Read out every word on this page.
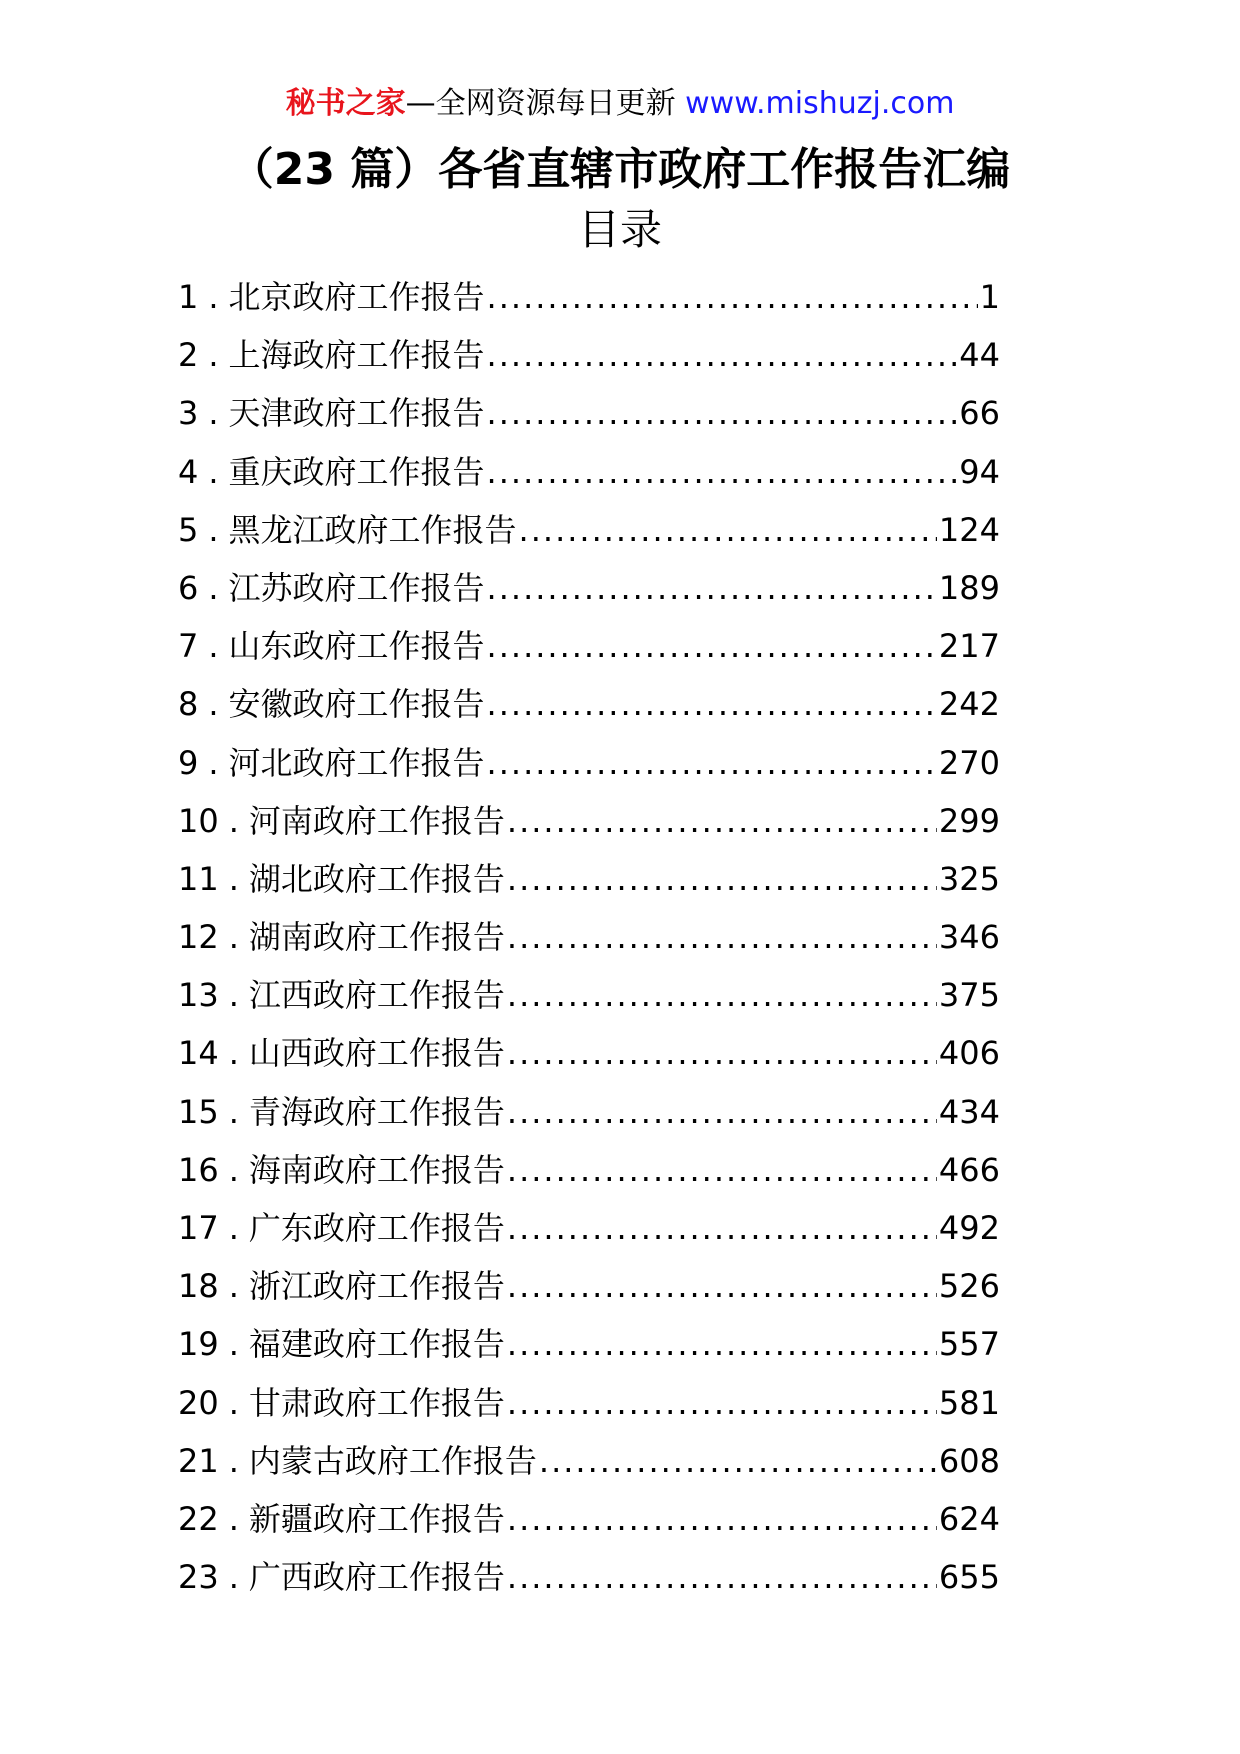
秘书之家—全网资源每日更新 www.mishuzj.com
（23 篇）各省直辖市政府工作报告汇编
目录
1 . 北京政府工作报告 .....	1
2 . 上海政府工作报告 .....	44
3 . 天津政府工作报告 .....	66
4 . 重庆政府工作报告 .....	94
5 . 黑龙江政府工作报告 .....	124
6 . 江苏政府工作报告 .....	189
7 . 山东政府工作报告 .....	217
8 . 安徽政府工作报告 .....	242
9 . 河北政府工作报告 .....	270
10 . 河南政府工作报告 .....	299
11 . 湖北政府工作报告 .....	325
12 . 湖南政府工作报告 .....	346
13 . 江西政府工作报告 .....	375
14 . 山西政府工作报告 .....	406
15 . 青海政府工作报告 .....	434
16 . 海南政府工作报告 .....	466
17 . 广东政府工作报告 .....	492
18 . 浙江政府工作报告 .....	526
19 . 福建政府工作报告 .....	557
20 . 甘肃政府工作报告 .....	581
21 . 内蒙古政府工作报告 .....	608
22 . 新疆政府工作报告 .....	624
23 . 广西政府工作报告 .....	655
